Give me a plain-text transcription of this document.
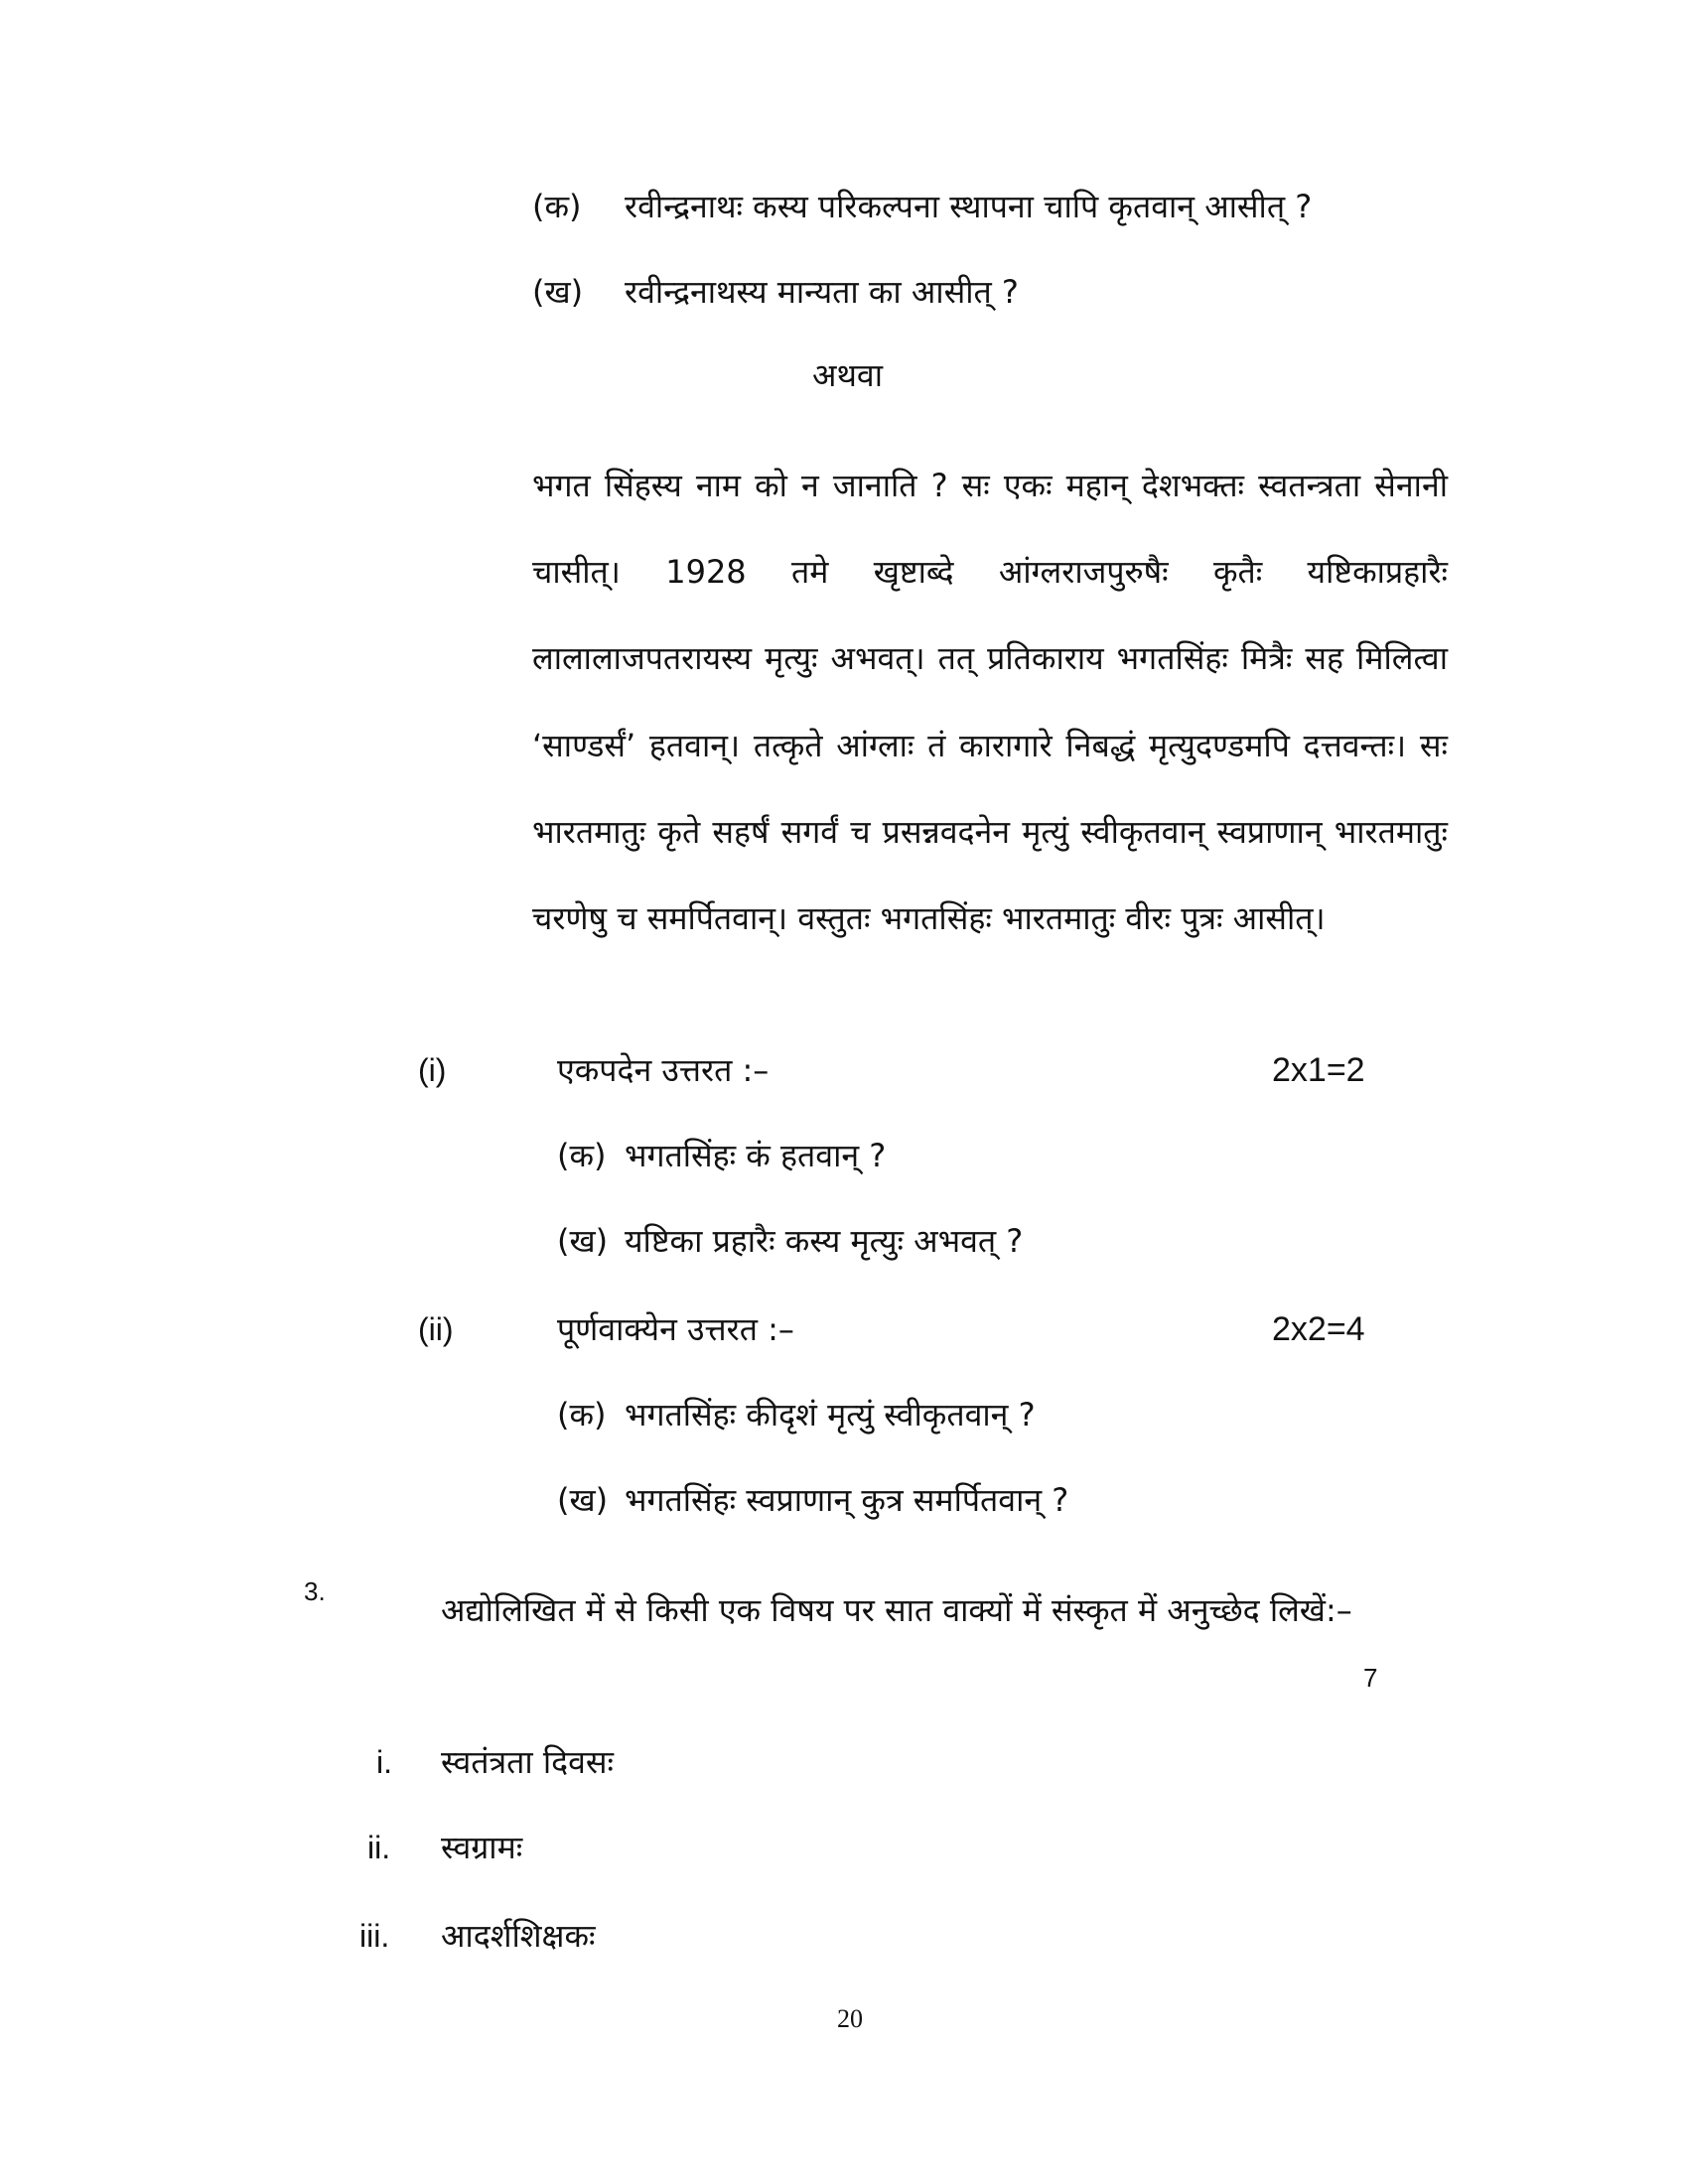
(क) रवीन्द्रनाथः कस्य परिकल्पना स्थापना चापि कृतवान् आसीत् ?
(ख) रवीन्द्रनाथस्य मान्यता का आसीत् ?
अथवा
भगत सिंहस्य नाम को न जानाति ? सः एकः महान् देशभक्तः स्वतन्त्रता सेनानी चासीत्। 1928 तमे खृष्टाब्दे आंग्लराजपुरुषैः कृतैः यष्टिकाप्रहारैः लालालाजपतरायस्य मृत्युः अभवत्। तत् प्रतिकाराय भगतसिंहः मित्रैः सह मिलित्वा ‘साण्डर्सं’ हतवान्। तत्कृते आंग्लाः तं कारागारे निबद्धं मृत्युदण्डमपि दत्तवन्तः। सः भारतमातुः कृते सहर्षं सगर्वं च प्रसन्नवदनेन मृत्युं स्वीकृतवान् स्वप्राणान् भारतमातुः चरणेषु च समर्पितवान्। वस्तुतः भगतसिंहः भारतमातुः वीरः पुत्रः आसीत्।
(i)	एकपदेन उत्तरत :–	2x1=2
(क) भगतसिंहः कं हतवान् ?
(ख) यष्टिका प्रहारैः कस्य मृत्युः अभवत् ?
(ii)	पूर्णवाक्येन उत्तरत :–	2x2=4
(क) भगतसिंहः कीदृशं मृत्युं स्वीकृतवान् ?
(ख) भगतसिंहः स्वप्राणान् कुत्र समर्पितवान् ?
3.	अद्योलिखित में से किसी एक विषय पर सात वाक्यों में संस्कृत में अनुच्छेद लिखें:–
7
i. स्वतंत्रता दिवसः
ii. स्वग्रामः
iii. आदर्शशिक्षकः
20
